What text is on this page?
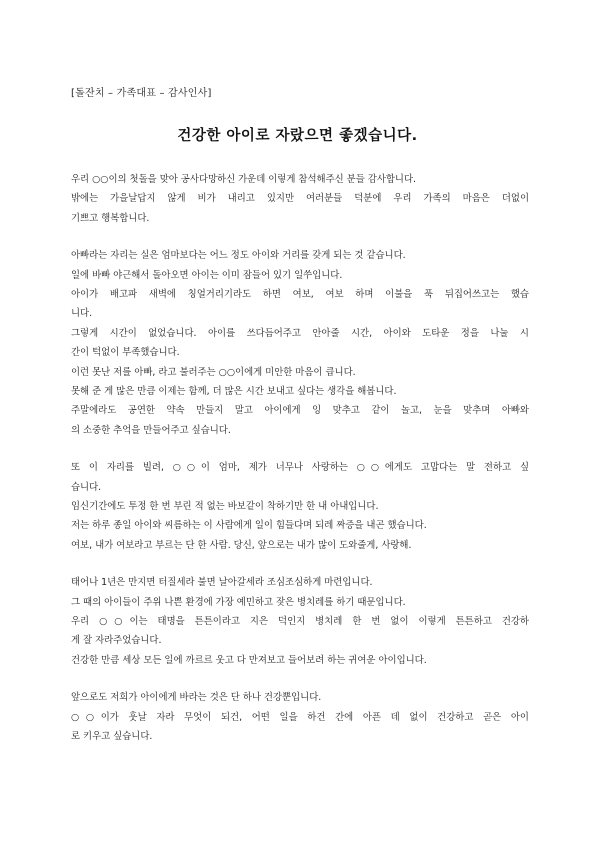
[돌잔치 – 가족대표 – 감사인사]
건강한 아이로 자랐으면 좋겠습니다.
우리 ○○이의 첫돌을 맞아 공사다망하신 가운데 이렇게 참석해주신 분들 감사합니다.
밖에는 가을날답지 않게 비가 내리고 있지만 여러분들 덕분에 우리 가족의 마음은 더없이
기쁘고 행복합니다.
아빠라는 자리는 실은 엄마보다는 어느 정도 아이와 거리를 갖게 되는 것 같습니다.
일에 바빠 야근해서 돌아오면 아이는 이미 잠들어 있기 일쑤입니다.
아이가 배고파 새벽에 칭얼거리기라도 하면 여보, 여보 하며 이불을 푹 뒤집어쓰고는 했습
니다.
그렇게 시간이 없었습니다. 아이를 쓰다듬어주고 안아줄 시간, 아이와 도타운 정을 나눌 시
간이 턱없이 부족했습니다.
이런 못난 저를 아빠, 라고 불러주는 ○○이에게 미안한 마음이 큽니다.
못해 준 게 많은 만큼 이제는 함께, 더 많은 시간 보내고 싶다는 생각을 해봅니다.
주말에라도 공연한 약속 만들지 말고 아이에게 잉 맞추고 같이 놀고, 눈을 맞추며 아빠와
의 소중한 추억을 만들어주고 싶습니다.
또 이 자리를 빌려, ○○이 엄마, 제가 너무나 사랑하는 ○○에게도 고맙다는 말 전하고 싶
습니다.
임신기간에도 투정 한 번 부린 적 없는 바보같이 착하기만 한 내 아내입니다.
저는 하루 종일 아이와 씨름하는 이 사람에게 일이 힘들다며 되레 짜증을 내곤 했습니다.
여보, 내가 여보라고 부르는 단 한 사람. 당신, 앞으로는 내가 많이 도와줄게, 사랑해.
태어나 1년은 만지면 터질세라 불면 날아갈세라 조심조심하게 마련입니다.
그 때의 아이들이 주위 나쁜 환경에 가장 예민하고 잦은 병치레를 하기 때문입니다.
우리 ○○이는 태명을 튼튼이라고 지은 덕인지 병치레 한 번 없이 이렇게 튼튼하고 건강하
게 잘 자라주었습니다.
건강한 만큼 세상 모든 일에 까르르 웃고 다 만져보고 들어보려 하는 귀여운 아이입니다.
앞으로도 저희가 아이에게 바라는 것은 단 하나 건강뿐입니다.
○○이가 훗날 자라 무엇이 되건, 어떤 일을 하건 간에 아픈 데 없이 건강하고 곧은 아이
로 키우고 싶습니다.
